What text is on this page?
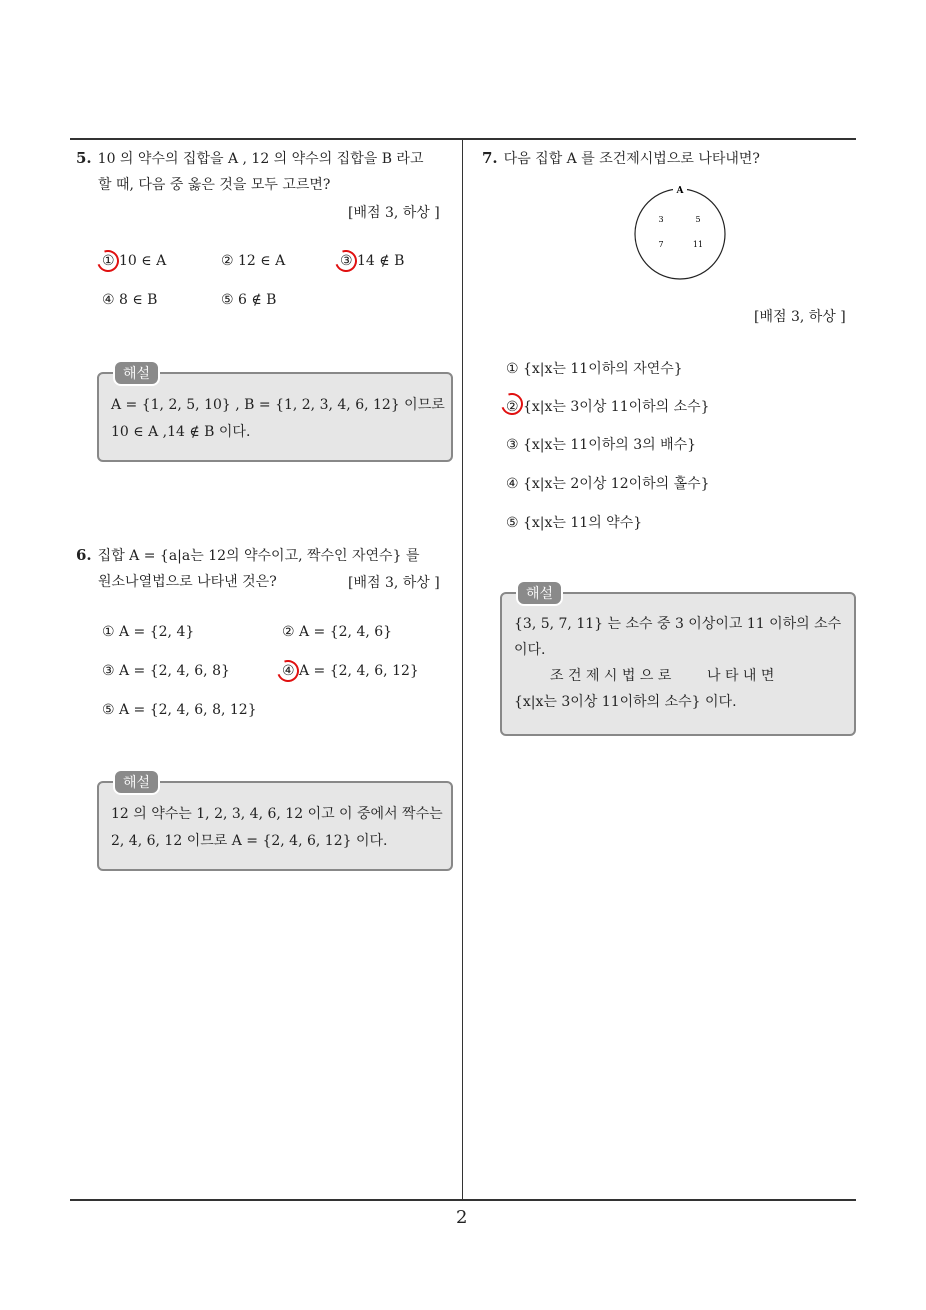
2
5. 10 의 약수의 집합을 A , 12 의 약수의 집합을 B 라고
할 때, 다음 중 옳은 것을 모두 고르면?
[배점 3, 하상 ]
① 10 ∈ A	② 12 ∈ A	③ 14 ∉ B
④ 8 ∈ B	⑤ 6 ∉ B
해설
A = {1, 2, 5, 10} , B = {1, 2, 3, 4, 6, 12} 이므로
10 ∈ A ,14 ∉ B 이다.
6. 집합 A = {a|a는 12의 약수이고, 짝수인 자연수} 를
원소나열법으로 나타낸 것은?	[배점 3, 하상 ]
① A = {2, 4}	② A = {2, 4, 6}
③ A = {2, 4, 6, 8}	④ A = {2, 4, 6, 12}
⑤ A = {2, 4, 6, 8, 12}
해설
12 의 약수는 1, 2, 3, 4, 6, 12 이고 이 중에서 짝수는
2, 4, 6, 12 이므로 A = {2, 4, 6, 12} 이다.
7. 다음 집합 A 를 조건제시법으로 나타내면?
A
3	5
7	11
[배점 3, 하상 ]
① {x|x는 11이하의 자연수}
② {x|x는 3이상 11이하의 소수}
③ {x|x는 11이하의 3의 배수}
④ {x|x는 2이상 12이하의 홀수}
⑤ {x|x는 11의 약수}
해설
{3, 5, 7, 11} 는 소수 중 3 이상이고 11 이하의 소수
이다.
조 건 제 시 법 으 로        나 타 내 면
{x|x는 3이상 11이하의 소수} 이다.
